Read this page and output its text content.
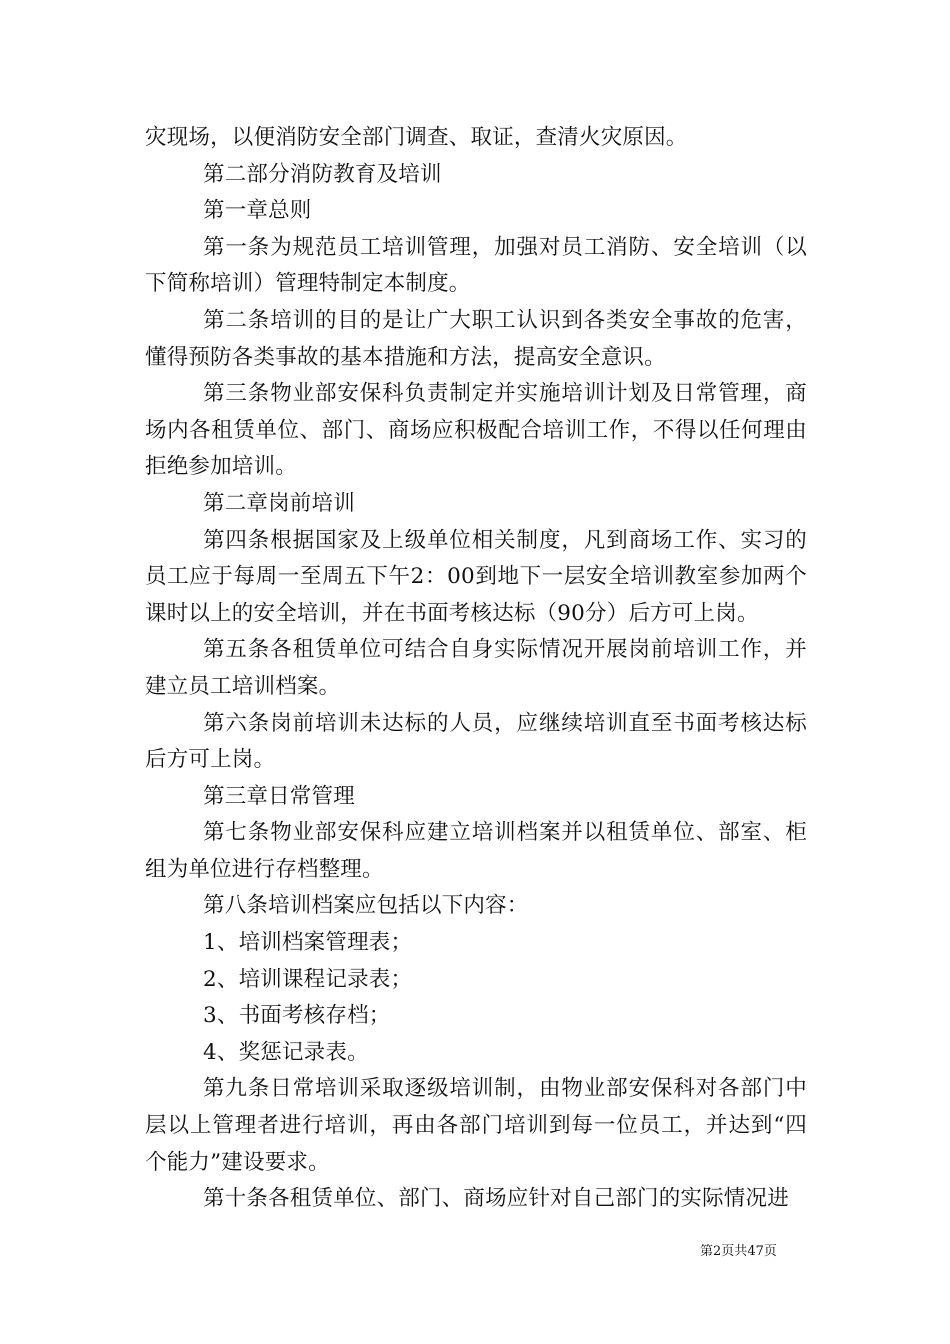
灾现场，以便消防安全部门调查、取证，查清火灾原因。

第二部分消防教育及培训

第一章总则

第一条为规范员工培训管理，加强对员工消防、安全培训（以下简称培训）管理特制定本制度。

第二条培训的目的是让广大职工认识到各类安全事故的危害，懂得预防各类事故的基本措施和方法，提高安全意识。

第三条物业部安保科负责制定并实施培训计划及日常管理，商场内各租赁单位、部门、商场应积极配合培训工作，不得以任何理由拒绝参加培训。

第二章岗前培训

第四条根据国家及上级单位相关制度，凡到商场工作、实习的员工应于每周一至周五下午2：00到地下一层安全培训教室参加两个课时以上的安全培训，并在书面考核达标（90分）后方可上岗。

第五条各租赁单位可结合自身实际情况开展岗前培训工作，并建立员工培训档案。

第六条岗前培训未达标的人员，应继续培训直至书面考核达标后方可上岗。

第三章日常管理

第七条物业部安保科应建立培训档案并以租赁单位、部室、柜组为单位进行存档整理。

第八条培训档案应包括以下内容：

1、培训档案管理表；

2、培训课程记录表；

3、书面考核存档；

4、奖惩记录表。

第九条日常培训采取逐级培训制，由物业部安保科对各部门中层以上管理者进行培训，再由各部门培训到每一位员工，并达到“四个能力”建设要求。

第十条各租赁单位、部门、商场应针对自己部门的实际情况进

第2页共47页
